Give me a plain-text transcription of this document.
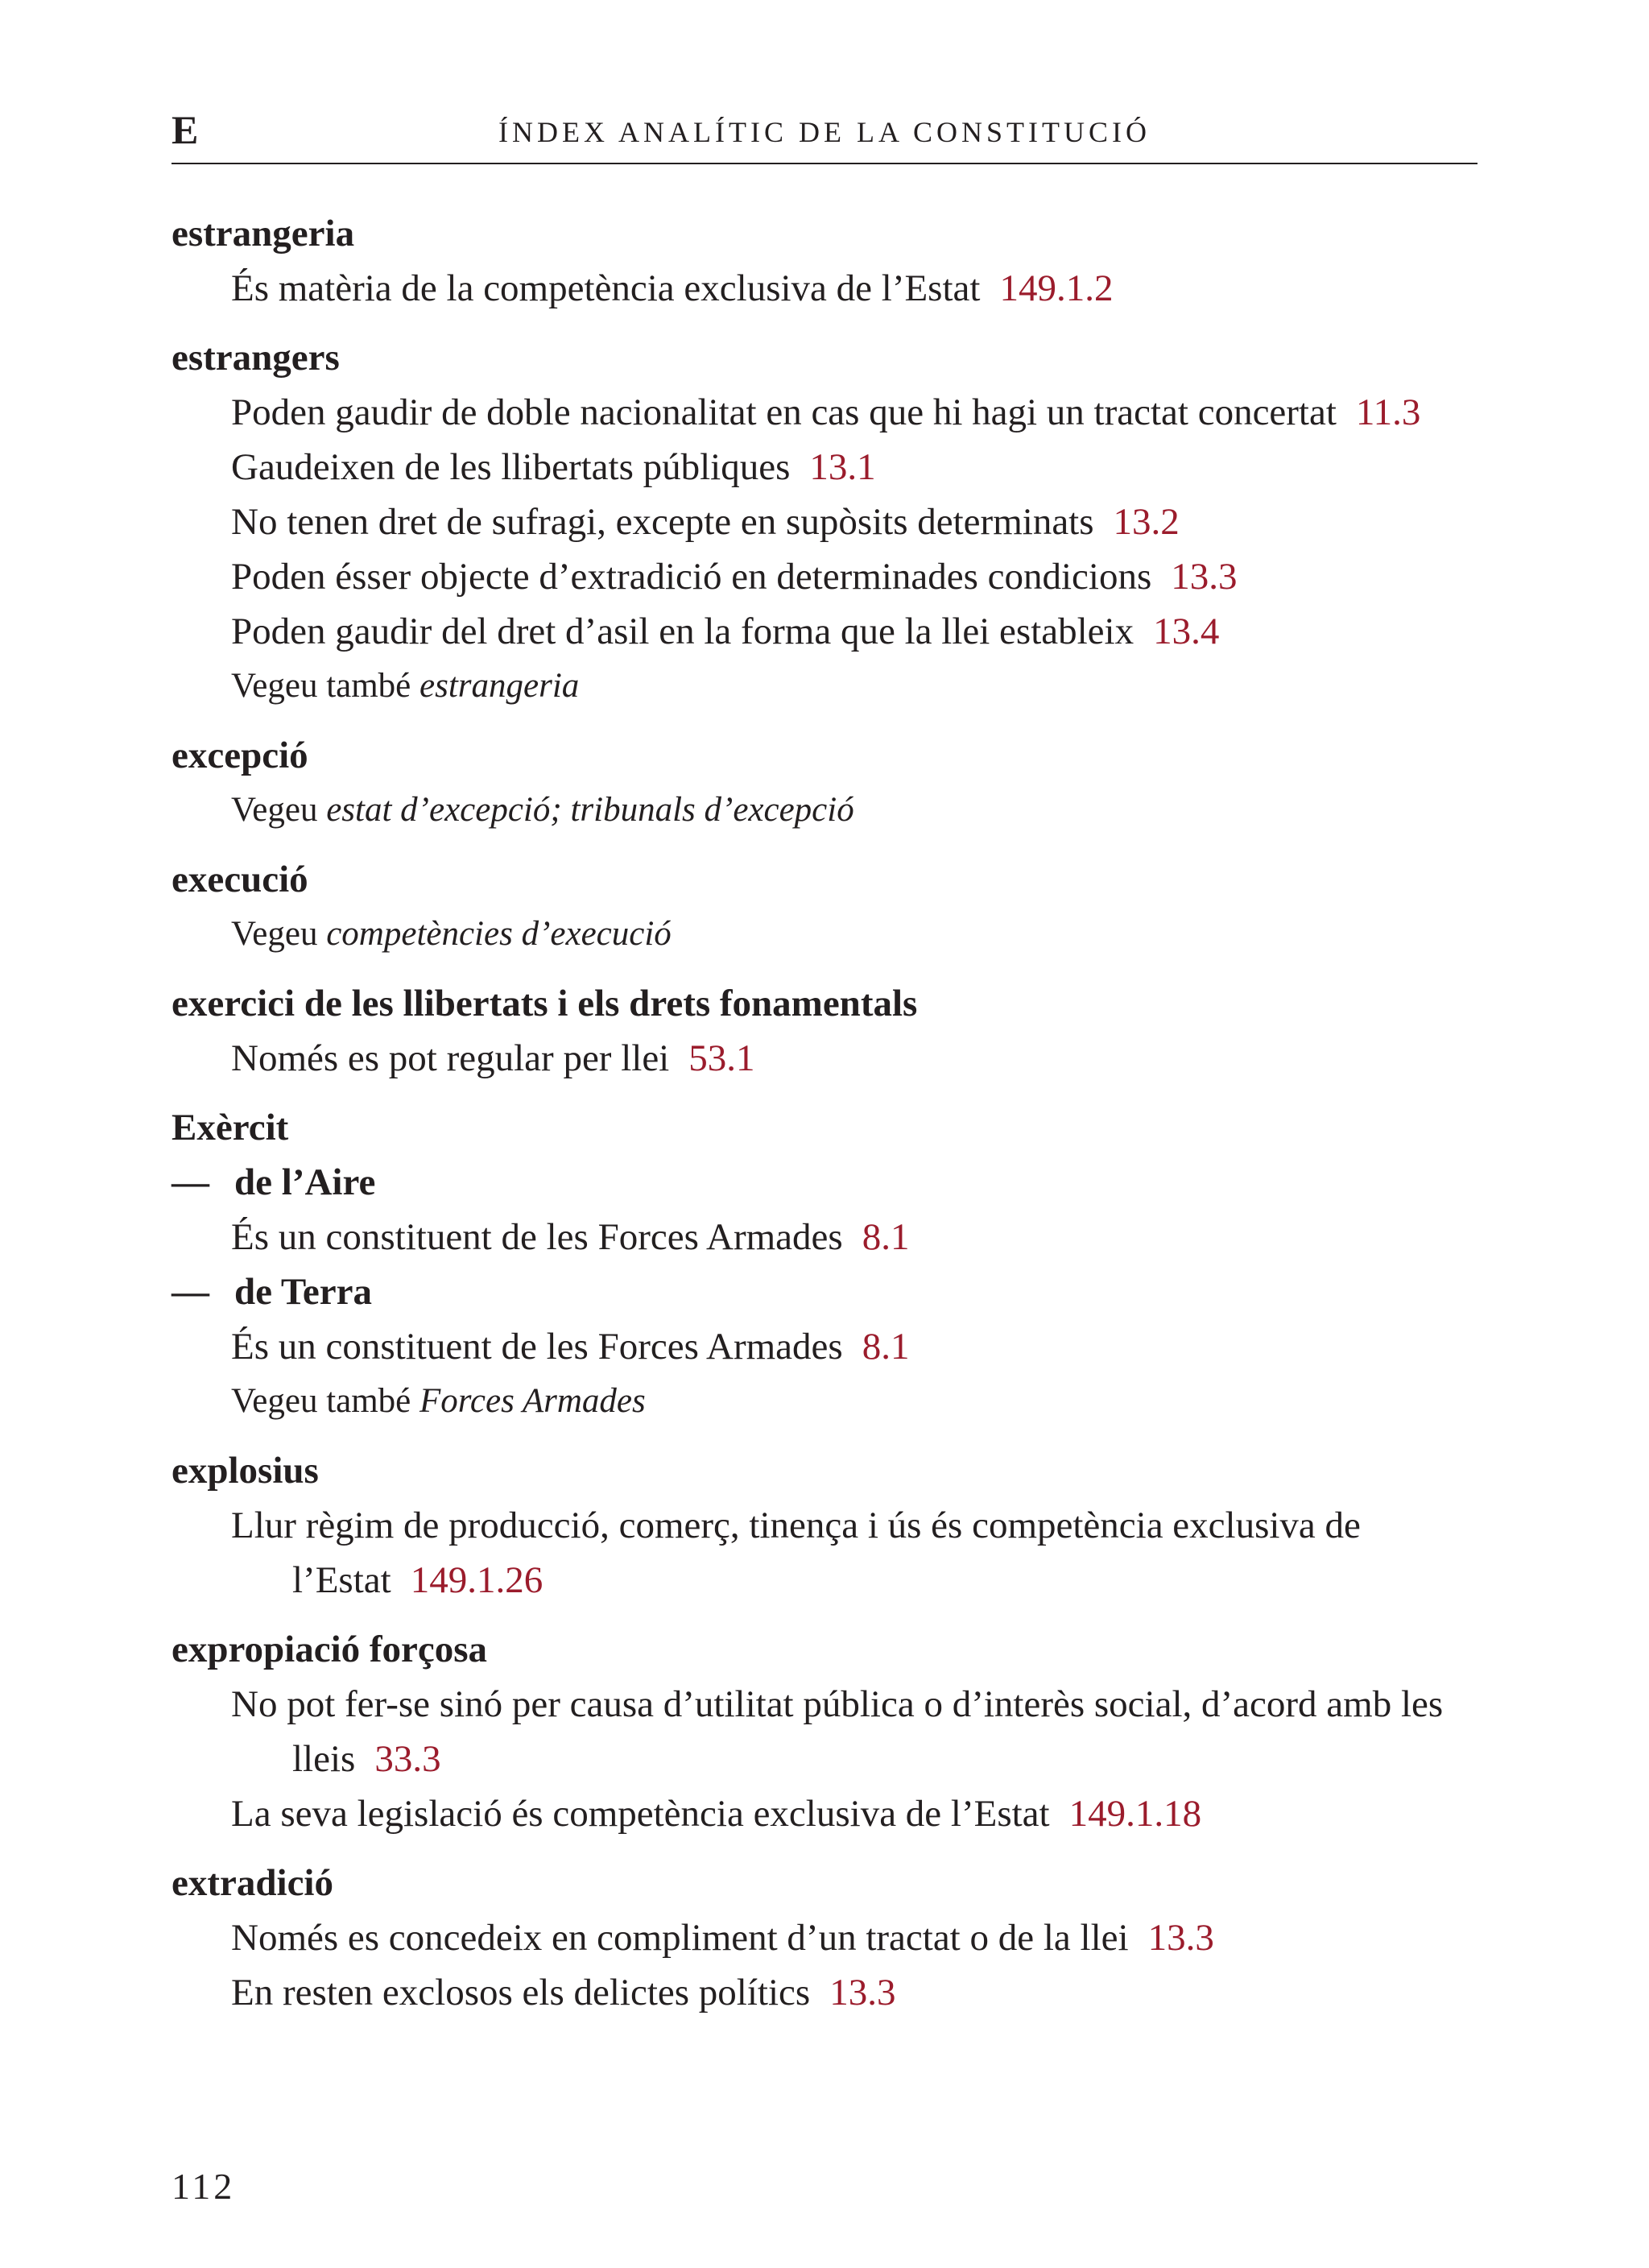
E	ÍNDEX ANALÍTIC DE LA CONSTITUCIÓ
estrangeria
És matèria de la competència exclusiva de l’Estat 149.1.2
estrangers
Poden gaudir de doble nacionalitat en cas que hi hagi un tractat concertat 11.3
Gaudeixen de les llibertats públiques 13.1
No tenen dret de sufragi, excepte en supòsits determinats 13.2
Poden ésser objecte d’extradició en determinades condicions 13.3
Poden gaudir del dret d’asil en la forma que la llei estableix 13.4
Vegeu també estrangeria
excepció
Vegeu estat d’excepció; tribunals d’excepció
execució
Vegeu competències d’execució
exercici de les llibertats i els drets fonamentals
Només es pot regular per llei 53.1
Exèrcit
— de l’Aire
És un constituent de les Forces Armades 8.1
— de Terra
És un constituent de les Forces Armades 8.1
Vegeu també Forces Armades
explosius
Llur règim de producció, comerç, tinença i ús és competència exclusiva de l’Estat 149.1.26
expropiació forçosa
No pot fer-se sinó per causa d’utilitat pública o d’interès social, d’acord amb les lleis 33.3
La seva legislació és competència exclusiva de l’Estat 149.1.18
extradició
Només es concedeix en compliment d’un tractat o de la llei 13.3
En resten exclosos els delictes polítics 13.3
112
